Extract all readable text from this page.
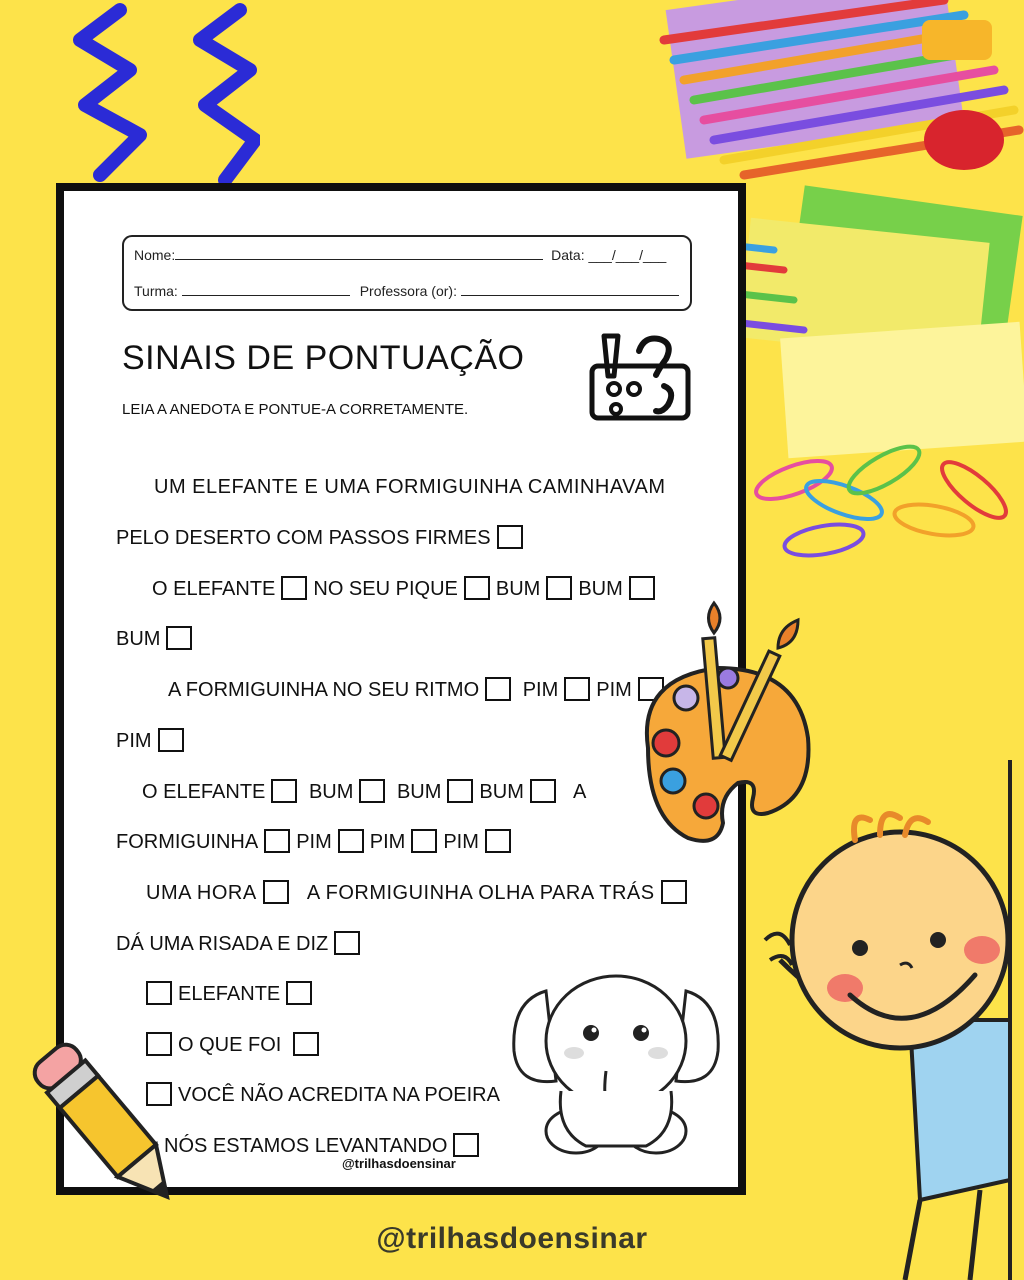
Nome:	Data: ___/___/___
Turma:	Professora (or):
SINAIS DE PONTUAÇÃO
LEIA A ANEDOTA E PONTUE-A CORRETAMENTE.
UM ELEFANTE E UMA FORMIGUINHA CAMINHAVAM
PELO DESERTO COM PASSOS FIRMES
O ELEFANTE NO SEU PIQUE BUM BUM
BUM
A FORMIGUINHA NO SEU RITMO PIM PIM
PIM
O ELEFANTE BUM BUM BUM A
FORMIGUINHA PIM PIM PIM
UMA HORA	A FORMIGUINHA OLHA PARA TRÁS
DÁ UMA RISADA E DIZ
ELEFANTE
O QUE FOI
VOCÊ NÃO ACREDITA NA POEIRA
NÓS ESTAMOS LEVANTANDO
@trilhasdoensinar
@trilhasdoensinar
